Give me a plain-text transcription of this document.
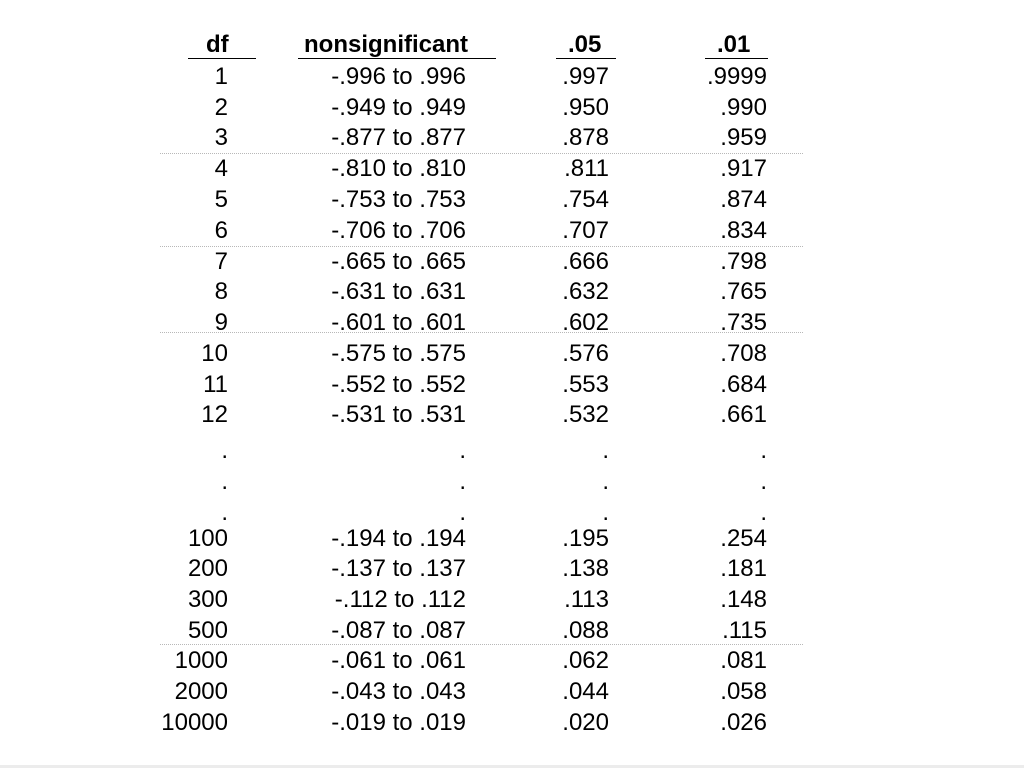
df	nonsignificant	.05	.01
1	-.996 to .996	.997	.9999
2	-.949 to .949	.950	.990
3	-.877 to .877	.878	.959
4	-.810 to .810	.811	.917
5	-.753 to .753	.754	.874
6	-.706 to .706	.707	.834
7	-.665 to .665	.666	.798
8	-.631 to .631	.632	.765
9	-.601 to .601	.602	.735
10	-.575 to .575	.576	.708
11	-.552 to .552	.553	.684
12	-.531 to .531	.532	.661
.	.	.	.
.	.	.	.
.	.	.	.
100	-.194 to .194	.195	.254
200	-.137 to .137	.138	.181
300	-.112 to .112	.113	.148
500	-.087 to .087	.088	.115
1000	-.061 to .061	.062	.081
2000	-.043 to .043	.044	.058
10000	-.019 to .019	.020	.026
